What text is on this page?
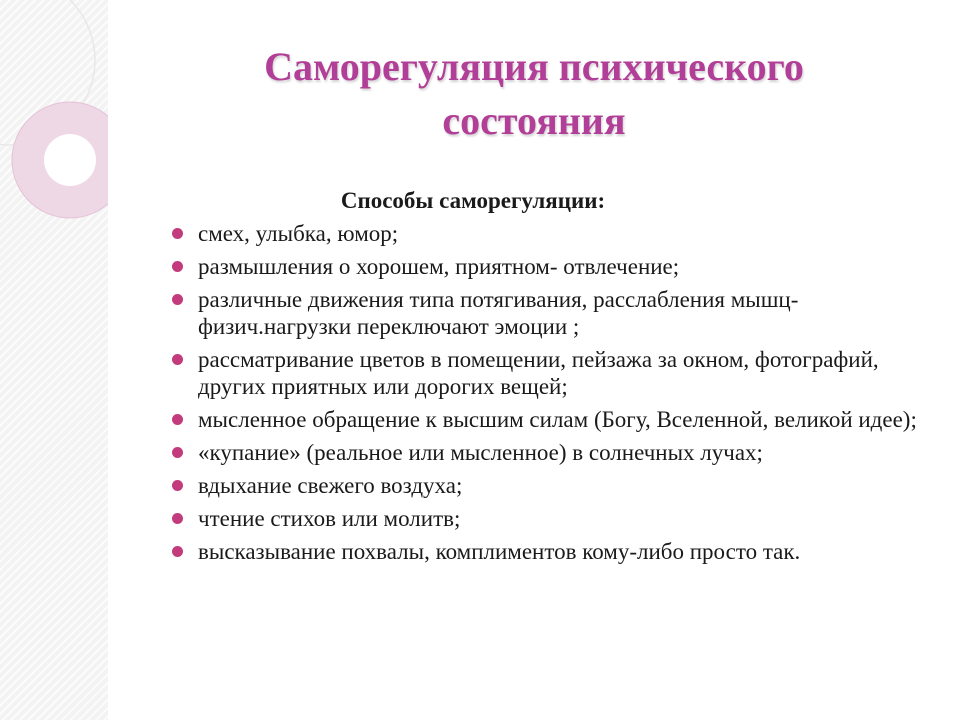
Саморегуляция психического
состояния

Способы саморегуляции:

смех, улыбка, юмор;
размышления о хорошем, приятном- отвлечение;
различные движения типа потягивания, расслабления мышц- физич.нагрузки переключают эмоции ;
рассматривание цветов в помещении, пейзажа за окном, фотографий, других приятных или дорогих вещей;
мысленное обращение к высшим силам (Богу, Вселенной, великой идее);
«купание» (реальное или мысленное) в солнечных лучах;
вдыхание свежего воздуха;
чтение стихов или молитв;
высказывание похвалы, комплиментов кому-либо просто так.
